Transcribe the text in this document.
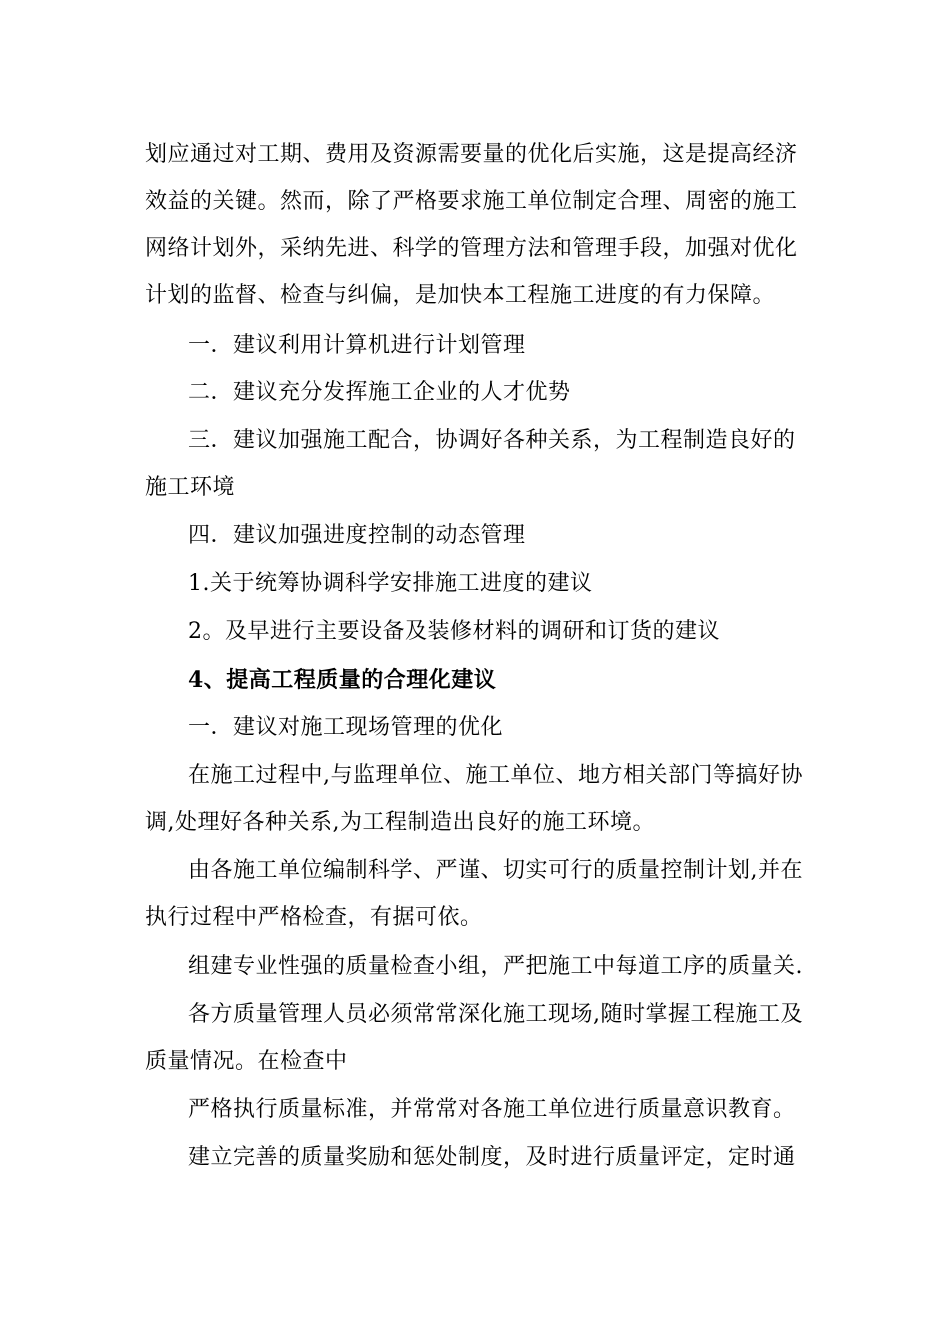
划应通过对工期、费用及资源需要量的优化后实施，这是提高经济
效益的关键。然而，除了严格要求施工单位制定合理、周密的施工
网络计划外，采纳先进、科学的管理方法和管理手段，加强对优化
计划的监督、检查与纠偏，是加快本工程施工进度的有力保障。
一．建议利用计算机进行计划管理
二．建议充分发挥施工企业的人才优势
三．建议加强施工配合，协调好各种关系，为工程制造良好的
施工环境
四．建议加强进度控制的动态管理
1.关于统筹协调科学安排施工进度的建议
2。及早进行主要设备及装修材料的调研和订货的建议
4、提高工程质量的合理化建议
一．建议对施工现场管理的优化
在施工过程中,与监理单位、施工单位、地方相关部门等搞好协
调,处理好各种关系,为工程制造出良好的施工环境。
由各施工单位编制科学、严谨、切实可行的质量控制计划,并在
执行过程中严格检查，有据可依。
组建专业性强的质量检查小组，严把施工中每道工序的质量关.
各方质量管理人员必须常常深化施工现场,随时掌握工程施工及
质量情况。在检查中
严格执行质量标准，并常常对各施工单位进行质量意识教育。
建立完善的质量奖励和惩处制度，及时进行质量评定，定时通
